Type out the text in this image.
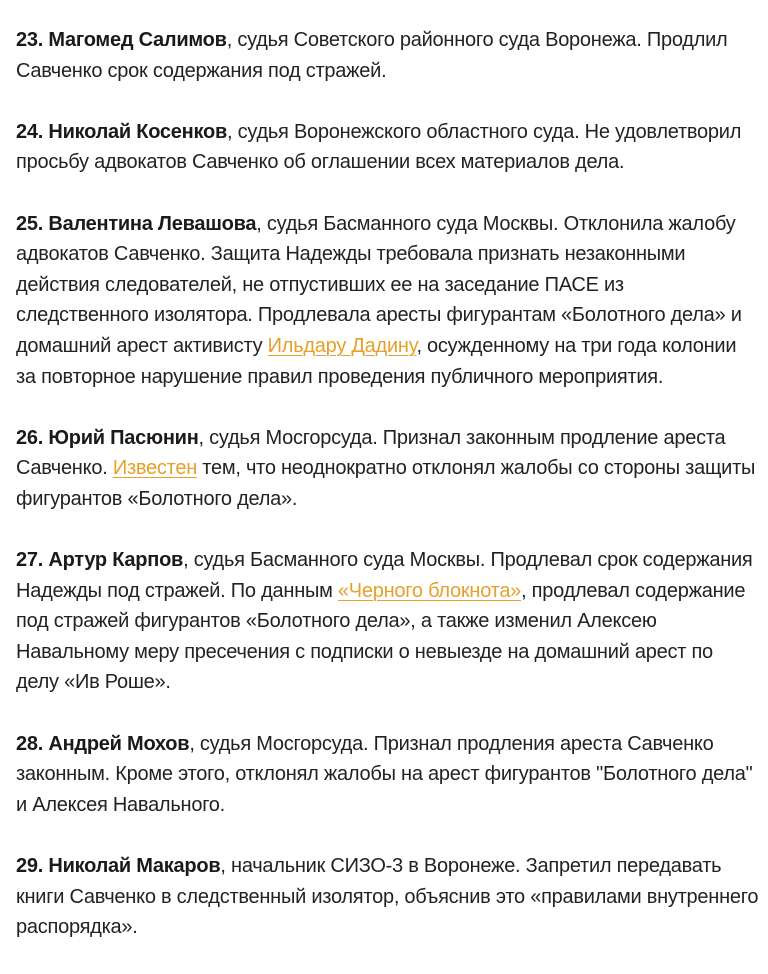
23. Магомед Салимов, судья Советского районного суда Воронежа. Продлил Савченко срок содержания под стражей.

24. Николай Косенков, судья Воронежского областного суда. Не удовлетворил просьбу адвокатов Савченко об оглашении всех материалов дела.

25. Валентина Левашова, судья Басманного суда Москвы. Отклонила жалобу адвокатов Савченко. Защита Надежды требовала признать незаконными действия следователей, не отпустивших ее на заседание ПАСЕ из следственного изолятора. Продлевала аресты фигурантам «Болотного дела» и домашний арест активисту Ильдару Дадину, осужденному на три года колонии за повторное нарушение правил проведения публичного мероприятия.

26. Юрий Пасюнин, судья Мосгорсуда. Признал законным продление ареста Савченко. Известен тем, что неоднократно отклонял жалобы со стороны защиты фигурантов «Болотного дела».

27. Артур Карпов, судья Басманного суда Москвы. Продлевал срок содержания Надежды под стражей. По данным «Черного блокнота», продлевал содержание под стражей фигурантов «Болотного дела», а также изменил Алексею Навальному меру пресечения с подписки о невыезде на домашний арест по делу «Ив Роше».

28. Андрей Мохов, судья Мосгорсуда. Признал продления ареста Савченко законным. Кроме этого, отклонял жалобы на арест фигурантов "Болотного дела" и Алексея Навального.

29. Николай Макаров, начальник СИЗО-3 в Воронеже. Запретил передавать книги Савченко в следственный изолятор, объяснив это «правилами внутреннего распорядка».
